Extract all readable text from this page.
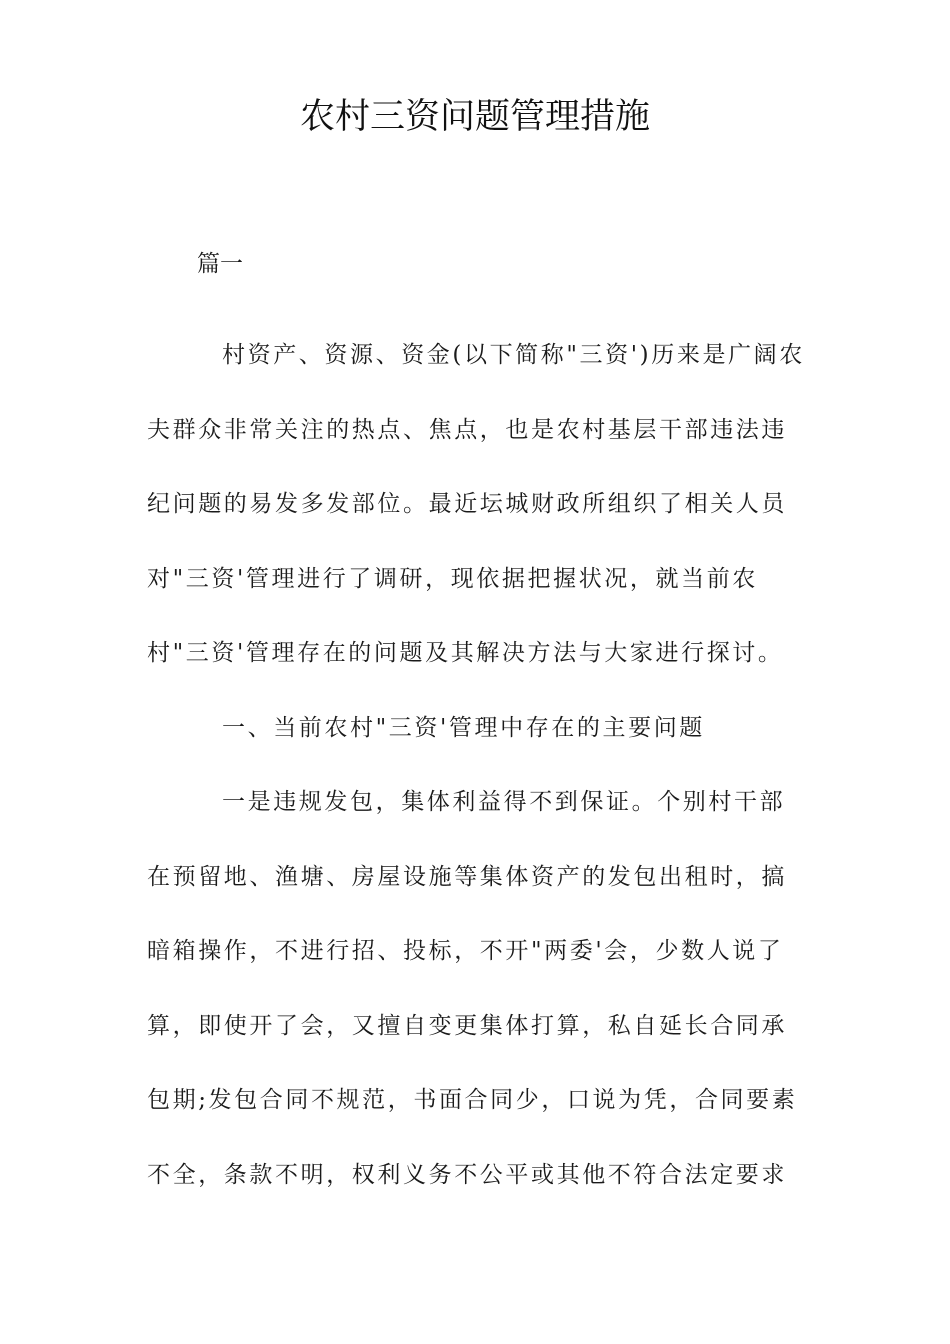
农村三资问题管理措施

篇一

村资产、资源、资金(以下简称"三资')历来是广阔农夫群众非常关注的热点、焦点，也是农村基层干部违法违纪问题的易发多发部位。最近坛城财政所组织了相关人员对"三资'管理进行了调研，现依据把握状况，就当前农村"三资'管理存在的问题及其解决方法与大家进行探讨。

一、当前农村"三资'管理中存在的主要问题

一是违规发包，集体利益得不到保证。个别村干部在预留地、渔塘、房屋设施等集体资产的发包出租时，搞暗箱操作，不进行招、投标，不开"两委'会，少数人说了算，即使开了会，又擅自变更集体打算，私自延长合同承包期;发包合同不规范，书面合同少，口说为凭，合同要素不全，条款不明，权利义务不公平或其他不符合法定要求
